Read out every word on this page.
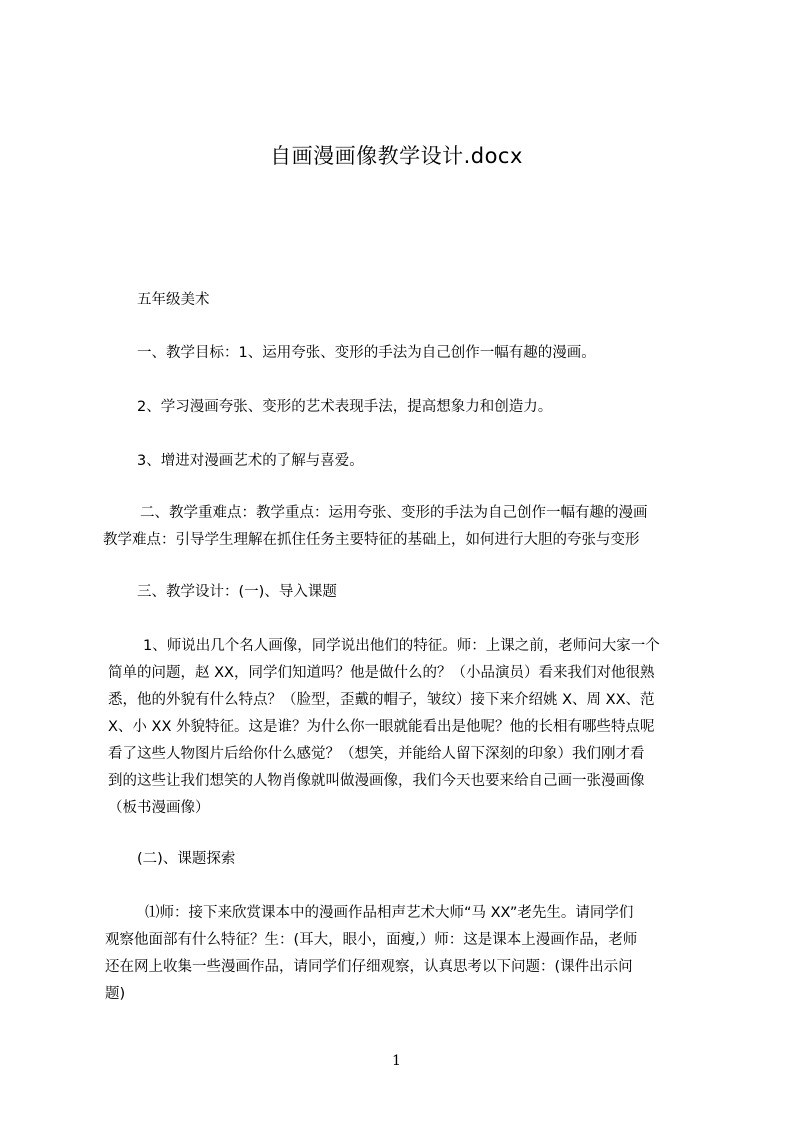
自画漫画像教学设计.docx

五年级美术

一、教学目标：1、运用夸张、变形的手法为自己创作一幅有趣的漫画。

2、学习漫画夸张、变形的艺术表现手法，提高想象力和创造力。

3、增进对漫画艺术的了解与喜爱。

二、教学重难点：教学重点：运用夸张、变形的手法为自己创作一幅有趣的漫画
教学难点：引导学生理解在抓住任务主要特征的基础上，如何进行大胆的夸张与变形

三、教学设计：(一)、导入课题

1、师说出几个名人画像，同学说出他们的特征。师：上课之前，老师问大家一个
简单的问题，赵 XX，同学们知道吗？他是做什么的？（小品演员）看来我们对他很熟
悉，他的外貌有什么特点？（脸型，歪戴的帽子，皱纹）接下来介绍姚 X、周 XX、范
X、小 XX 外貌特征。这是谁？为什么你一眼就能看出是他呢？他的长相有哪些特点呢
看了这些人物图片后给你什么感觉？（想笑，并能给人留下深刻的印象）我们刚才看
到的这些让我们想笑的人物肖像就叫做漫画像，我们今天也要来给自己画一张漫画像
（板书漫画像）

(二)、课题探索

⑴师：接下来欣赏课本中的漫画作品相声艺术大师“马 XX”老先生。请同学们
观察他面部有什么特征？生：(耳大，眼小，面瘦,）师：这是课本上漫画作品，老师
还在网上收集一些漫画作品，请同学们仔细观察，认真思考以下问题：(课件出示问
题)
1
